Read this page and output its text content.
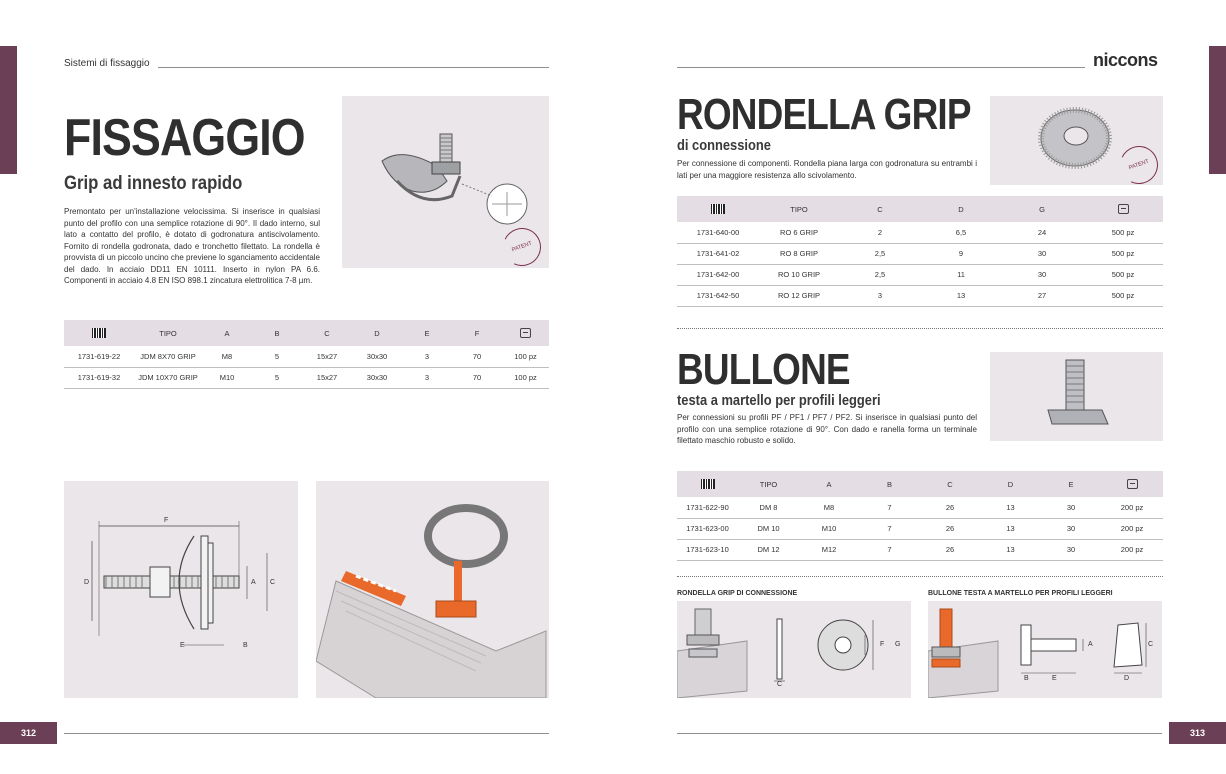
Sistemi di fissaggio
FISSAGGIO
Grip ad innesto rapido
Premontato per un'installazione velocissima. Si inserisce in qualsiasi punto del profilo con una semplice rotazione di 90°. Il dado interno, sul lato a contatto del profilo, è dotato di godronatura antiscivolamento. Fornito di rondella godronata, dado e tronchetto filettato. La rondella è provvista di un piccolo uncino che previene lo sganciamento accidentale del dado. In acciaio DD11 EN 10111. Inserto in nylon PA 6.6. Componenti in acciaio 4.8 EN ISO 898.1 zincatura elettrolitica 7-8 µm.
PATENT
	TIPO	A	B	C	D	E	F	
1731-619-22	JDM 8X70 GRIP	M8	5	15x27	30x30	3	70	100 pz
1731-619-32	JDM 10X70 GRIP	M10	5	15x27	30x30	3	70	100 pz
F
D	A C
E	B
312
niccons
RONDELLA GRIP
di connessione
Per connessione di componenti. Rondella piana larga con godronatura su entrambi i lati per una maggiore resistenza allo scivolamento.
PATENT
	TIPO	C	D	G	
1731-640-00	RO 6 GRIP	2	6,5	24	500 pz
1731-641-02	RO 8 GRIP	2,5	9	30	500 pz
1731-642-00	RO 10 GRIP	2,5	11	30	500 pz
1731-642-50	RO 12 GRIP	3	13	27	500 pz
BULLONE
testa a martello per profili leggeri
Per connessioni su profili PF / PF1 / PF7 / PF2. Si inserisce in qualsiasi punto del profilo con una semplice rotazione di 90°. Con dado e ranella forma un terminale filettato maschio robusto e solido.
	TIPO	A	B	C	D	E	
1731-622-90	DM 8	M8	7	26	13	30	200 pz
1731-623-00	DM 10	M10	7	26	13	30	200 pz
1731-623-10	DM 12	M12	7	26	13	30	200 pz
RONDELLA GRIP DI CONNESSIONE	BULLONE TESTA A MARTELLO PER PROFILI LEGGERI
C
F G	A	C
B	E	D
313
